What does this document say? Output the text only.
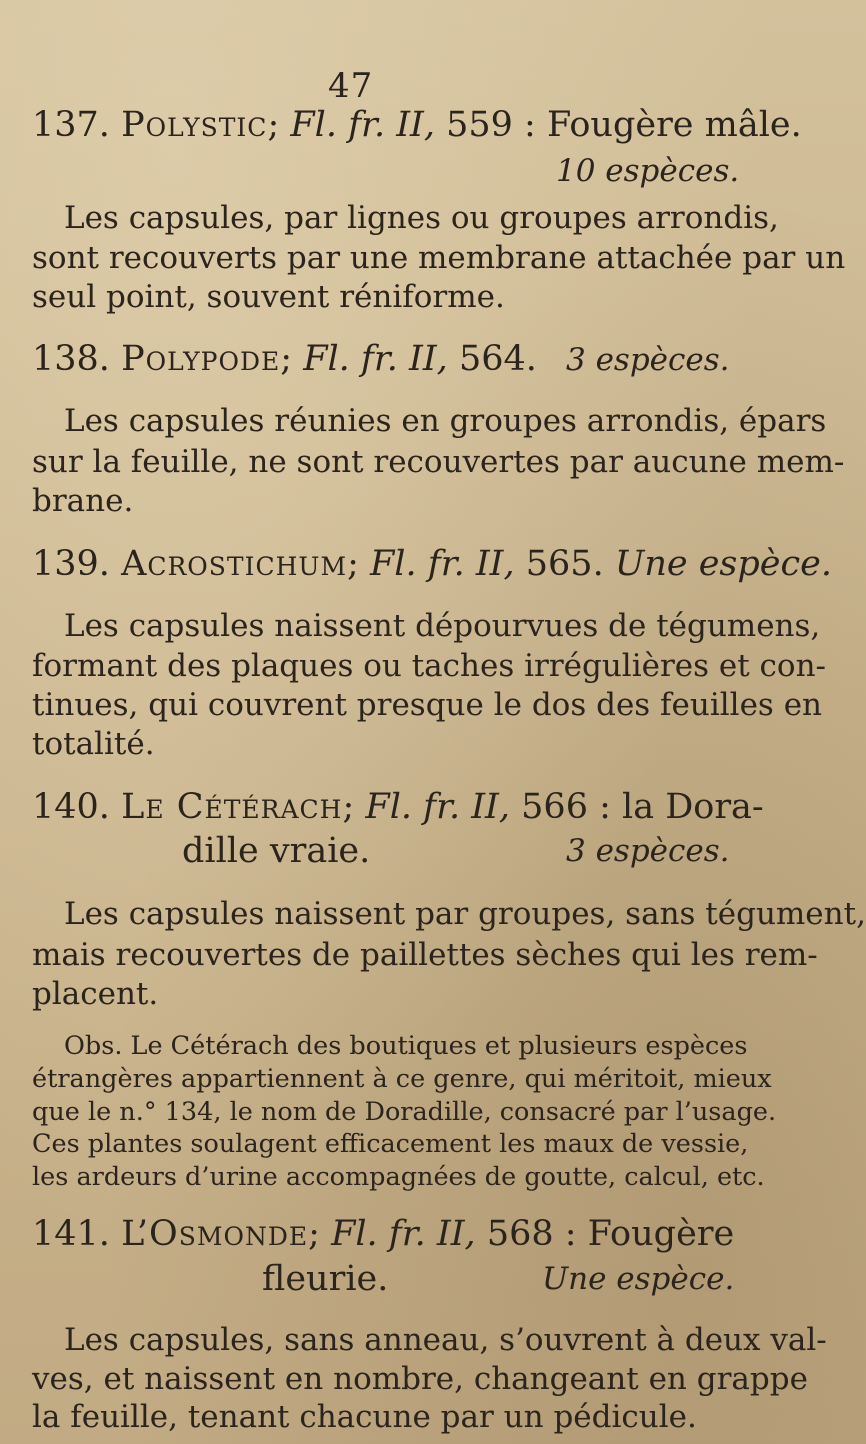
47
137. Polystic; Fl. fr. II, 559 : Fougère mâle.
10 espèces.
Les capsules, par lignes ou groupes arrondis,
sont recouverts par une membrane attachée par un
seul point, souvent réniforme.
138. Polypode; Fl. fr. II, 564. 3 espèces.
Les capsules réunies en groupes arrondis, épars
sur la feuille, ne sont recouvertes par aucune mem-
brane.
139. Acrostichum; Fl. fr. II, 565. Une espèce.
Les capsules naissent dépourvues de tégumens,
formant des plaques ou taches irrégulières et con-
tinues, qui couvrent presque le dos des feuilles en
totalité.
140. Le Cétérach; Fl. fr. II, 566 : la Dora-
dille vraie.	3 espèces.
Les capsules naissent par groupes, sans tégument,
mais recouvertes de paillettes sèches qui les rem-
placent.
Obs. Le Cétérach des boutiques et plusieurs espèces
étrangères appartiennent à ce genre, qui méritoit, mieux
que le n.° 134, le nom de Doradille, consacré par l’usage.
Ces plantes soulagent efficacement les maux de vessie,
les ardeurs d’urine accompagnées de goutte, calcul, etc.
141. L’Osmonde; Fl. fr. II, 568 : Fougère
fleurie.	Une espèce.
Les capsules, sans anneau, s’ouvrent à deux val-
ves, et naissent en nombre, changeant en grappe
la feuille, tenant chacune par un pédicule.
